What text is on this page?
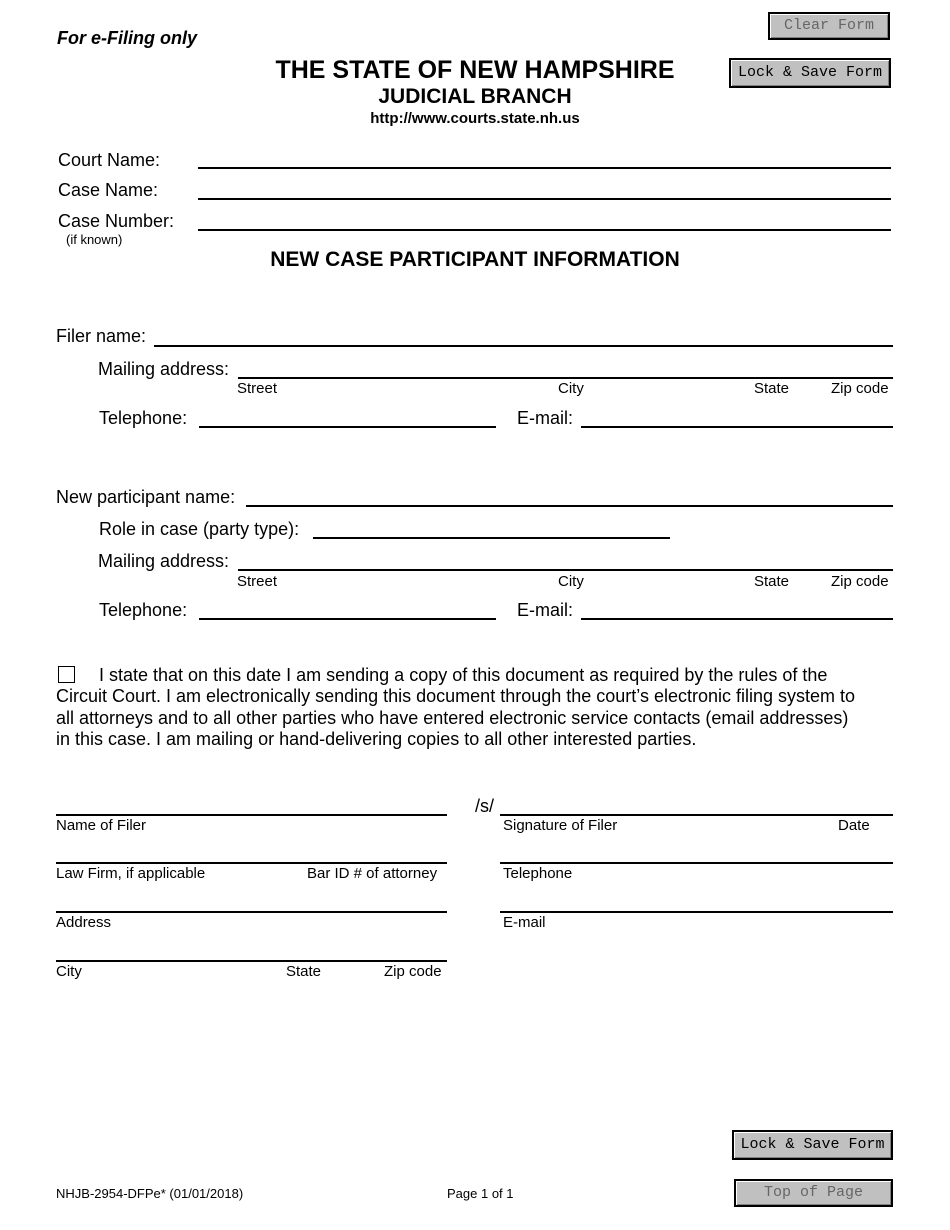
Clear Form
Lock & Save Form
For e-Filing only
THE STATE OF NEW HAMPSHIRE
JUDICIAL BRANCH
http://www.courts.state.nh.us
Court Name:
Case Name:
Case Number:
(if known)
NEW CASE PARTICIPANT INFORMATION
Filer name:
Mailing address:
Street	City	State	Zip code
Telephone:	E-mail:
New participant name:
Role in case (party type):
Mailing address:
Street	City	State	Zip code
Telephone:	E-mail:
I state that on this date I am sending a copy of this document as required by the rules of the
Circuit Court. I am electronically sending this document through the court’s electronic filing system to
all attorneys and to all other parties who have entered electronic service contacts (email addresses)
in this case. I am mailing or hand-delivering copies to all other interested parties.
Name of Filer
Law Firm, if applicable	Bar ID # of attorney
Address
City	State	Zip code
/s/
Signature of Filer	Date
Telephone
E-mail
Lock & Save Form
Top of Page
NHJB-2954-DFPe* (01/01/2018)	Page 1 of 1
